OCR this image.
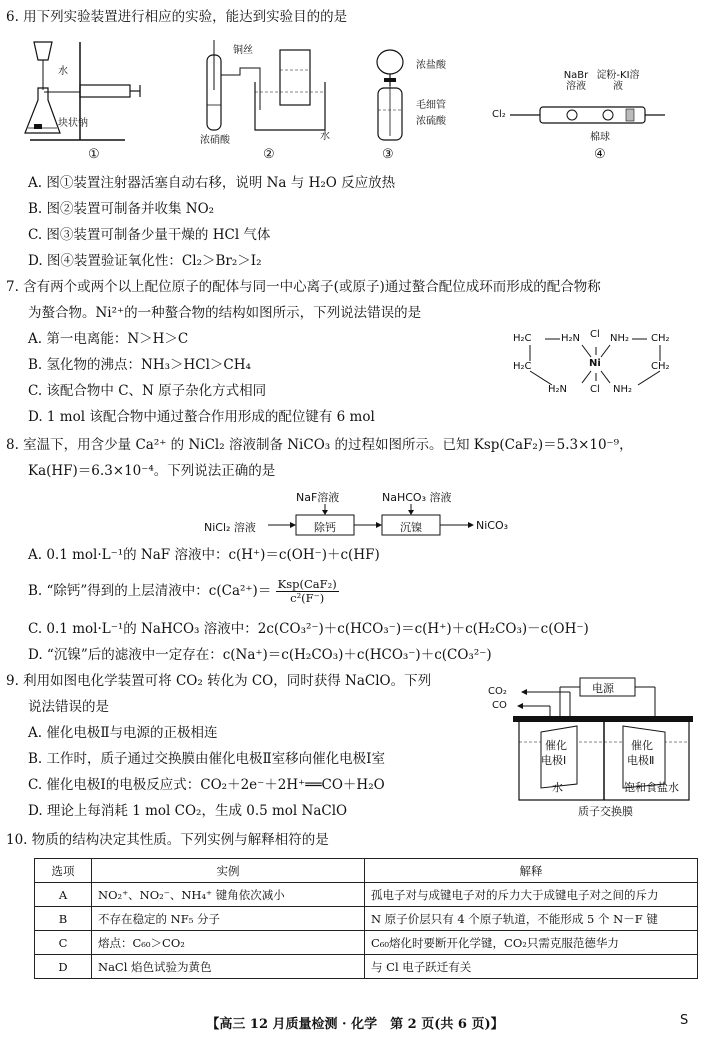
6. 用下列实验装置进行相应的实验，能达到实验目的的是
水
块状钠
①
铜丝
浓硝酸	水
②
浓盐酸
毛细管
浓硫酸
③
NaBr溶液
淀粉-KI溶液
Cl₂
棉球
④
A. 图①装置注射器活塞自动右移，说明 Na 与 H₂O 反应放热
B. 图②装置可制备并收集 NO₂
C. 图③装置可制备少量干燥的 HCl 气体
D. 图④装置验证氧化性：Cl₂＞Br₂＞I₂
7. 含有两个或两个以上配位原子的配体与同一中心离子(或原子)通过螯合配位成环而形成的配合物称
为螯合物。Ni²⁺的一种螯合物的结构如图所示，下列说法错误的是
A. 第一电离能：N＞H＞C
B. 氢化物的沸点：NH₃＞HCl＞CH₄
C. 该配合物中 C、N 原子杂化方式相同
D. 1 mol 该配合物中通过螯合作用形成的配位键有 6 mol
H₂C	H₂N Cl NH₂ CH₂
H₂C	Ni	CH₂
H₂N Cl NH₂
8. 室温下，用含少量 Ca²⁺ 的 NiCl₂ 溶液制备 NiCO₃ 的过程如图所示。已知 Ksp(CaF₂)＝5.3×10⁻⁹，
Ka(HF)＝6.3×10⁻⁴。下列说法正确的是
NaF溶液	NaHCO₃ 溶液
NiCl₂ 溶液	除钙	沉镍	NiCO₃
A. 0.1 mol·L⁻¹的 NaF 溶液中：c(H⁺)＝c(OH⁻)＋c(HF)
B. “除钙”得到的上层清液中：$c(Ca^{2+})= \frac{\text{Ksp(CaF₂)}}{\text{c²(F⁻)}}$
C. 0.1 mol·L⁻¹的 NaHCO₃ 溶液中：2c(CO₃²⁻)＋c(HCO₃⁻)＝c(H⁺)＋c(H₂CO₃)－c(OH⁻)
D. “沉镍”后的滤液中一定存在：c(Na⁺)＝c(H₂CO₃)＋c(HCO₃⁻)＋c(CO₃²⁻)
9. 利用如图电化学装置可将 CO₂ 转化为 CO，同时获得 NaClO。下列
说法错误的是
A. 催化电极Ⅱ与电源的正极相连
B. 工作时，质子通过交换膜由催化电极Ⅱ室移向催化电极Ⅰ室
C. 催化电极Ⅰ的电极反应式：CO₂＋2e⁻＋2H⁺══CO＋H₂O
D. 理论上每消耗 1 mol CO₂，生成 0.5 mol NaClO
CO₂
CO
电源
催化
电极Ⅰ
催化
电极Ⅱ
水	饱和食盐水
质子交换膜
10. 物质的结构决定其性质。下列实例与解释相符的是
选项	实例	解释
A	NO₂⁺、NO₂⁻、NH₄⁺ 键角依次减小	孤电子对与成键电子对的斥力大于成键电子对之间的斥力
B	不存在稳定的 NF₅ 分子	N 原子价层只有 4 个原子轨道，不能形成 5 个 N－F 键
C	熔点：C₆₀＞CO₂	C₆₀熔化时要断开化学键，CO₂只需克服范德华力
D	NaCl 焰色试验为黄色	与 Cl 电子跃迁有关
【高三 12 月质量检测 · 化学　第 2 页(共 6 页)】	S
